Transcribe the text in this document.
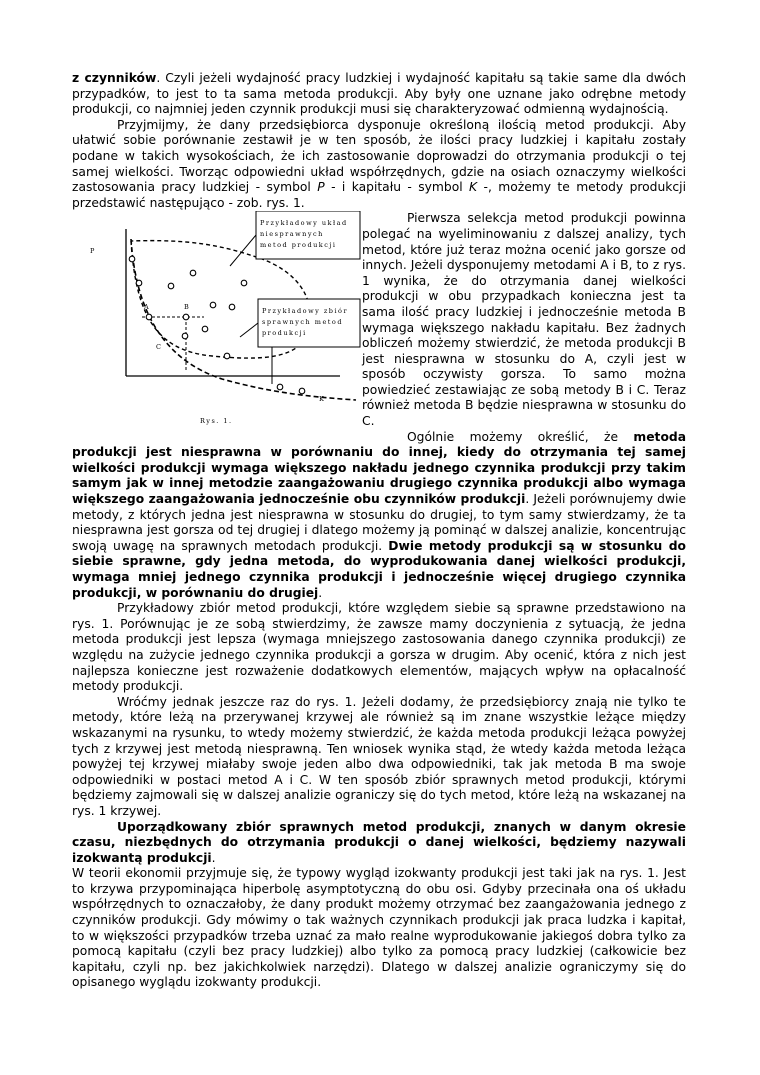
z czynników. Czyli jeżeli wydajność pracy ludzkiej i wydajność kapitału są takie same dla dwóch przypadków, to jest to ta sama metoda produkcji. Aby były one uznane jako odrębne metody produkcji, co najmniej jeden czynnik produkcji musi się charakteryzować odmienną wydajnością.

Przyjmijmy, że dany przedsiębiorca dysponuje określoną ilością metod produkcji. Aby ułatwić sobie porównanie zestawił je w ten sposób, że ilości pracy ludzkiej i kapitału zostały podane w takich wysokościach, że ich zastosowanie doprowadzi do otrzymania produkcji o tej samej wielkości. Tworząc odpowiedni układ współrzędnych, gdzie na osiach oznaczymy wielkości zastosowania pracy ludzkiej - symbol P - i kapitału - symbol K -, możemy te metody produkcji przedstawić następująco - zob. rys. 1.

P
K
A	B
C
Przykładowy układ
niesprawnych
metod produkcji
Przykładowy zbiór
sprawnych metod
produkcji
Rys. 1.

Pierwsza selekcja metod produkcji powinna polegać na wyeliminowaniu z dalszej analizy, tych metod, które już teraz można ocenić jako gorsze od innych. Jeżeli dysponujemy metodami A i B, to z rys. 1 wynika, że do otrzymania danej wielkości produkcji w obu przypadkach konieczna jest ta sama ilość pracy ludzkiej i jednocześnie metoda B wymaga większego nakładu kapitału. Bez żadnych obliczeń możemy stwierdzić, że metoda produkcji B jest niesprawna w stosunku do A, czyli jest w sposób oczywisty gorsza. To samo można powiedzieć zestawiając ze sobą metody B i C. Teraz również metoda B będzie niesprawna w stosunku do C.

Ogólnie możemy określić, że metoda produkcji jest niesprawna w porównaniu do innej, kiedy do otrzymania tej samej wielkości produkcji wymaga większego nakładu jednego czynnika produkcji przy takim samym jak w innej metodzie zaangażowaniu drugiego czynnika produkcji albo wymaga większego zaangażowania jednocześnie obu czynników produkcji. Jeżeli porównujemy dwie metody, z których jedna jest niesprawna w stosunku do drugiej, to tym samy stwierdzamy, że ta niesprawna jest gorsza od tej drugiej i dlatego możemy ją pominąć w dalszej analizie, koncentrując swoją uwagę na sprawnych metodach produkcji. Dwie metody produkcji są w stosunku do siebie sprawne, gdy jedna metoda, do wyprodukowania danej wielkości produkcji, wymaga mniej jednego czynnika produkcji i jednocześnie więcej drugiego czynnika produkcji, w porównaniu do drugiej.

Przykładowy zbiór metod produkcji, które względem siebie są sprawne przedstawiono na rys. 1. Porównując je ze sobą stwierdzimy, że zawsze mamy doczynienia z sytuacją, że jedna metoda produkcji jest lepsza (wymaga mniejszego zastosowania danego czynnika produkcji) ze względu na zużycie jednego czynnika produkcji a gorsza w drugim. Aby ocenić, która z nich jest najlepsza konieczne jest rozważenie dodatkowych elementów, mających wpływ na opłacalność metody produkcji.

Wróćmy jednak jeszcze raz do rys. 1. Jeżeli dodamy, że przedsiębiorcy znają nie tylko te metody, które leżą na przerywanej krzywej ale również są im znane wszystkie leżące między wskazanymi na rysunku, to wtedy możemy stwierdzić, że każda metoda produkcji leżąca powyżej tych z krzywej jest metodą niesprawną. Ten wniosek wynika stąd, że wtedy każda metoda leżąca powyżej tej krzywej miałaby swoje jeden albo dwa odpowiedniki, tak jak metoda B ma swoje odpowiedniki w postaci metod A i C. W ten sposób zbiór sprawnych metod produkcji, którymi będziemy zajmowali się w dalszej analizie ograniczy się do tych metod, które leżą na wskazanej na rys. 1 krzywej.

Uporządkowany zbiór sprawnych metod produkcji, znanych w danym okresie czasu, niezbędnych do otrzymania produkcji o danej wielkości, będziemy nazywali izokwantą produkcji.

W teorii ekonomii przyjmuje się, że typowy wygląd izokwanty produkcji jest taki jak na rys. 1. Jest to krzywa przypominająca hiperbolę asymptotyczną do obu osi. Gdyby przecinała ona oś układu współrzędnych to oznaczałoby, że dany produkt możemy otrzymać bez zaangażowania jednego z czynników produkcji. Gdy mówimy o tak ważnych czynnikach produkcji jak praca ludzka i kapitał, to w większości przypadków trzeba uznać za mało realne wyprodukowanie jakiegoś dobra tylko za pomocą kapitału (czyli bez pracy ludzkiej) albo tylko za pomocą pracy ludzkiej (całkowicie bez kapitału, czyli np. bez jakichkolwiek narzędzi). Dlatego w dalszej analizie ograniczymy się do opisanego wyglądu izokwanty produkcji.
